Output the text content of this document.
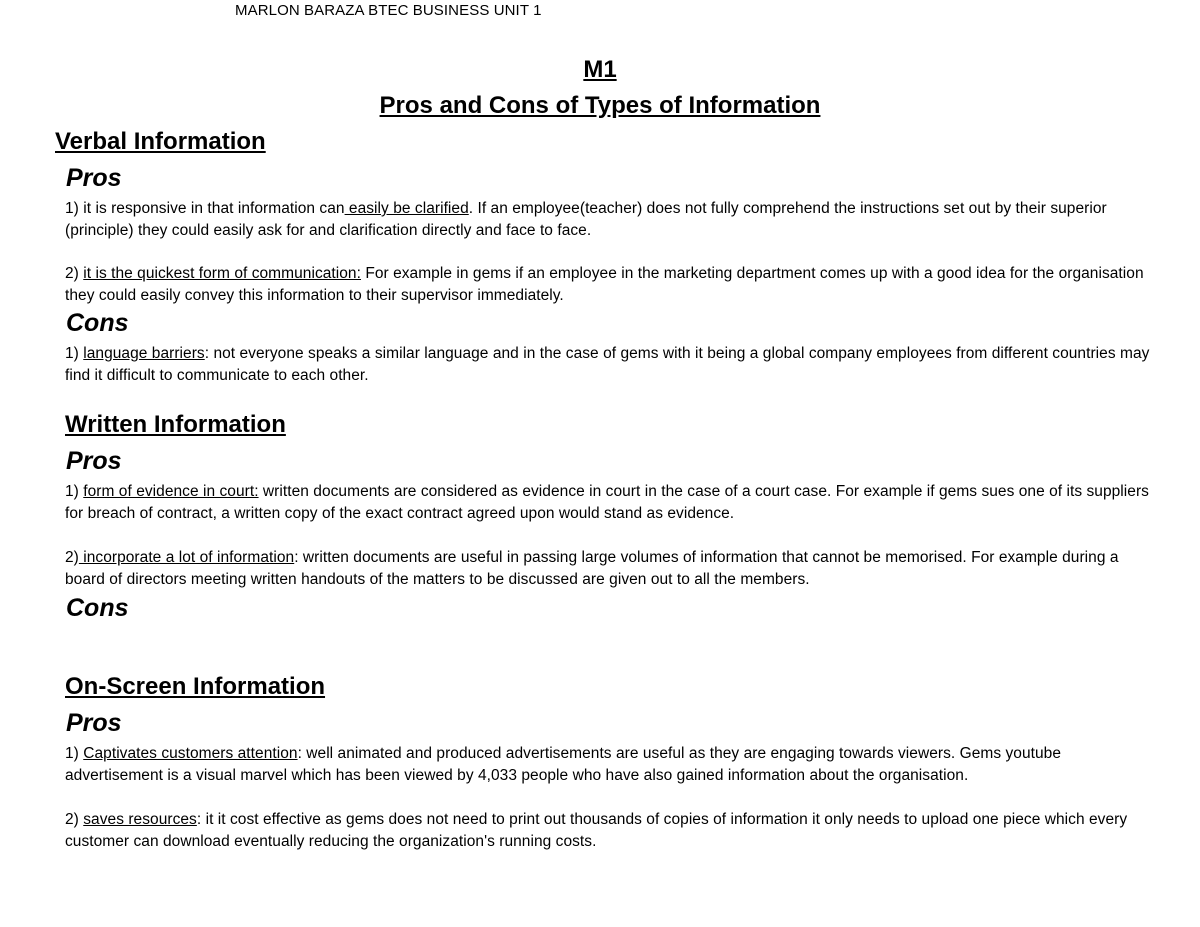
MARLON BARAZA BTEC BUSINESS UNIT 1
M1
Pros and Cons of Types of Information
Verbal Information
Pros
1) it is responsive in that information can easily be clarified. If an employee(teacher) does not fully comprehend the instructions set out by their superior (principle) they could easily ask for and clarification directly and face to face.
2) it is the quickest form of communication: For example in gems if an employee in the marketing department comes up with a good idea for the organisation they could easily convey this information to their supervisor immediately.
Cons
1) language barriers: not everyone speaks a similar language and in the case of gems with it being a global company employees from different countries may find it difficult to communicate to each other.
Written Information
Pros
1) form of evidence in court: written documents are considered as evidence in court in the case of a court case. For example if gems sues one of its suppliers for breach of contract, a written copy of the exact contract agreed upon would stand as evidence.
2) incorporate a lot of information: written documents are useful in passing large volumes of information that cannot be memorised. For example during a board of directors meeting written handouts of the matters to be discussed are given out to all the members.
Cons
On-Screen Information
Pros
1) Captivates customers attention: well animated and produced advertisements are useful as they are engaging towards viewers. Gems youtube advertisement is a visual marvel which has been viewed by 4,033 people who have also gained information about the organisation.
2) saves resources: it it cost effective as gems does not need to print out thousands of copies of information it only needs to upload one piece which every customer can download eventually reducing the organization's running costs.
